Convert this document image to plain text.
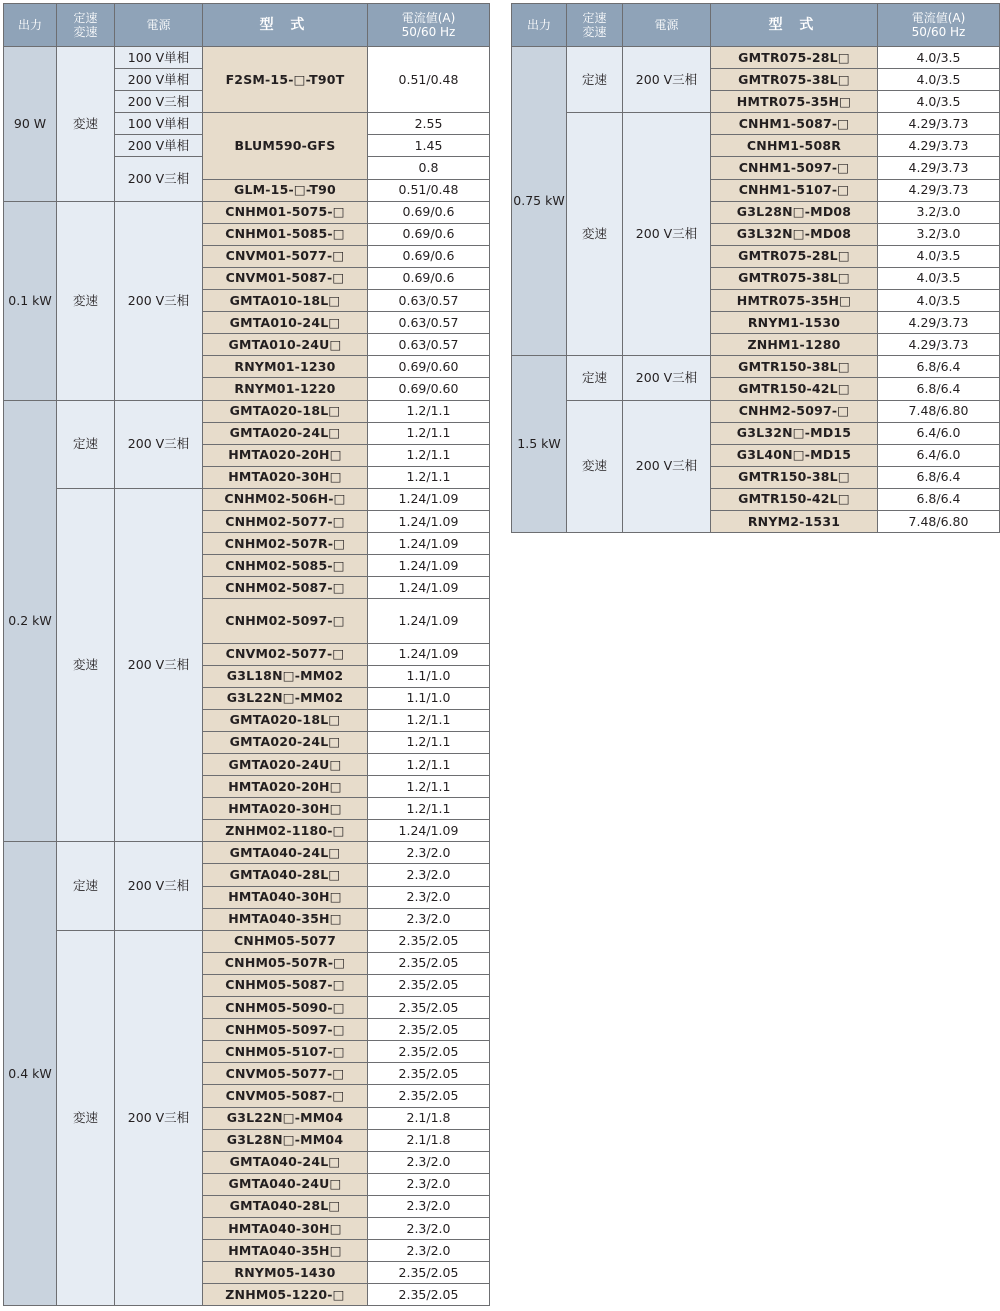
出力	定速
変速	電源	型 式	電流値(A)
50/60 Hz
90 W	変速	100 V単相	F2SM-15-□-T90T	0.51/0.48
		200 V単相		
		200 V三相		
		100 V単相	BLUM590-GFS	2.55
		200 V単相		1.45
		200 V三相		0.8
			GLM-15-□-T90	0.51/0.48
0.1 kW	変速	200 V三相	CNHM01-5075-□	0.69/0.6
			CNHM01-5085-□	0.69/0.6
			CNVM01-5077-□	0.69/0.6
			CNVM01-5087-□	0.69/0.6
			GMTA010-18L□	0.63/0.57
			GMTA010-24L□	0.63/0.57
			GMTA010-24U□	0.63/0.57
			RNYM01-1230	0.69/0.60
			RNYM01-1220	0.69/0.60
0.2 kW	定速	200 V三相	GMTA020-18L□	1.2/1.1
			GMTA020-24L□	1.2/1.1
			HMTA020-20H□	1.2/1.1
			HMTA020-30H□	1.2/1.1
	変速	200 V三相	CNHM02-506H-□	1.24/1.09
			CNHM02-5077-□	1.24/1.09
			CNHM02-507R-□	1.24/1.09
			CNHM02-5085-□	1.24/1.09
			CNHM02-5087-□	1.24/1.09
			CNHM02-5097-□	1.24/1.09

			CNVM02-5077-□	1.24/1.09
			G3L18N□-MM02	1.1/1.0
			G3L22N□-MM02	1.1/1.0
			GMTA020-18L□	1.2/1.1
			GMTA020-24L□	1.2/1.1
			GMTA020-24U□	1.2/1.1
			HMTA020-20H□	1.2/1.1
			HMTA020-30H□	1.2/1.1
			ZNHM02-1180-□	1.24/1.09
0.4 kW	定速	200 V三相	GMTA040-24L□	2.3/2.0
			GMTA040-28L□	2.3/2.0
			HMTA040-30H□	2.3/2.0
			HMTA040-35H□	2.3/2.0
	変速	200 V三相	CNHM05-5077	2.35/2.05
			CNHM05-507R-□	2.35/2.05
			CNHM05-5087-□	2.35/2.05
			CNHM05-5090-□	2.35/2.05
			CNHM05-5097-□	2.35/2.05
			CNHM05-5107-□	2.35/2.05
			CNVM05-5077-□	2.35/2.05
			CNVM05-5087-□	2.35/2.05
			G3L22N□-MM04	2.1/1.8
			G3L28N□-MM04	2.1/1.8
			GMTA040-24L□	2.3/2.0
			GMTA040-24U□	2.3/2.0
			GMTA040-28L□	2.3/2.0
			HMTA040-30H□	2.3/2.0
			HMTA040-35H□	2.3/2.0
			RNYM05-1430	2.35/2.05
			ZNHM05-1220-□	2.35/2.05
出力	定速
変速	電源	型 式	電流値(A)
50/60 Hz
0.75 kW	定速	200 V三相	GMTR075-28L□	4.0/3.5
			GMTR075-38L□	4.0/3.5
			HMTR075-35H□	4.0/3.5
	変速	200 V三相	CNHM1-5087-□	4.29/3.73
			CNHM1-508R	4.29/3.73
			CNHM1-5097-□	4.29/3.73
			CNHM1-5107-□	4.29/3.73
			G3L28N□-MD08	3.2/3.0
			G3L32N□-MD08	3.2/3.0
			GMTR075-28L□	4.0/3.5
			GMTR075-38L□	4.0/3.5
			HMTR075-35H□	4.0/3.5
			RNYM1-1530	4.29/3.73
			ZNHM1-1280	4.29/3.73
1.5 kW	定速	200 V三相	GMTR150-38L□	6.8/6.4
			GMTR150-42L□	6.8/6.4
	変速	200 V三相	CNHM2-5097-□	7.48/6.80
			G3L32N□-MD15	6.4/6.0
			G3L40N□-MD15	6.4/6.0
			GMTR150-38L□	6.8/6.4
			GMTR150-42L□	6.8/6.4
			RNYM2-1531	7.48/6.80
